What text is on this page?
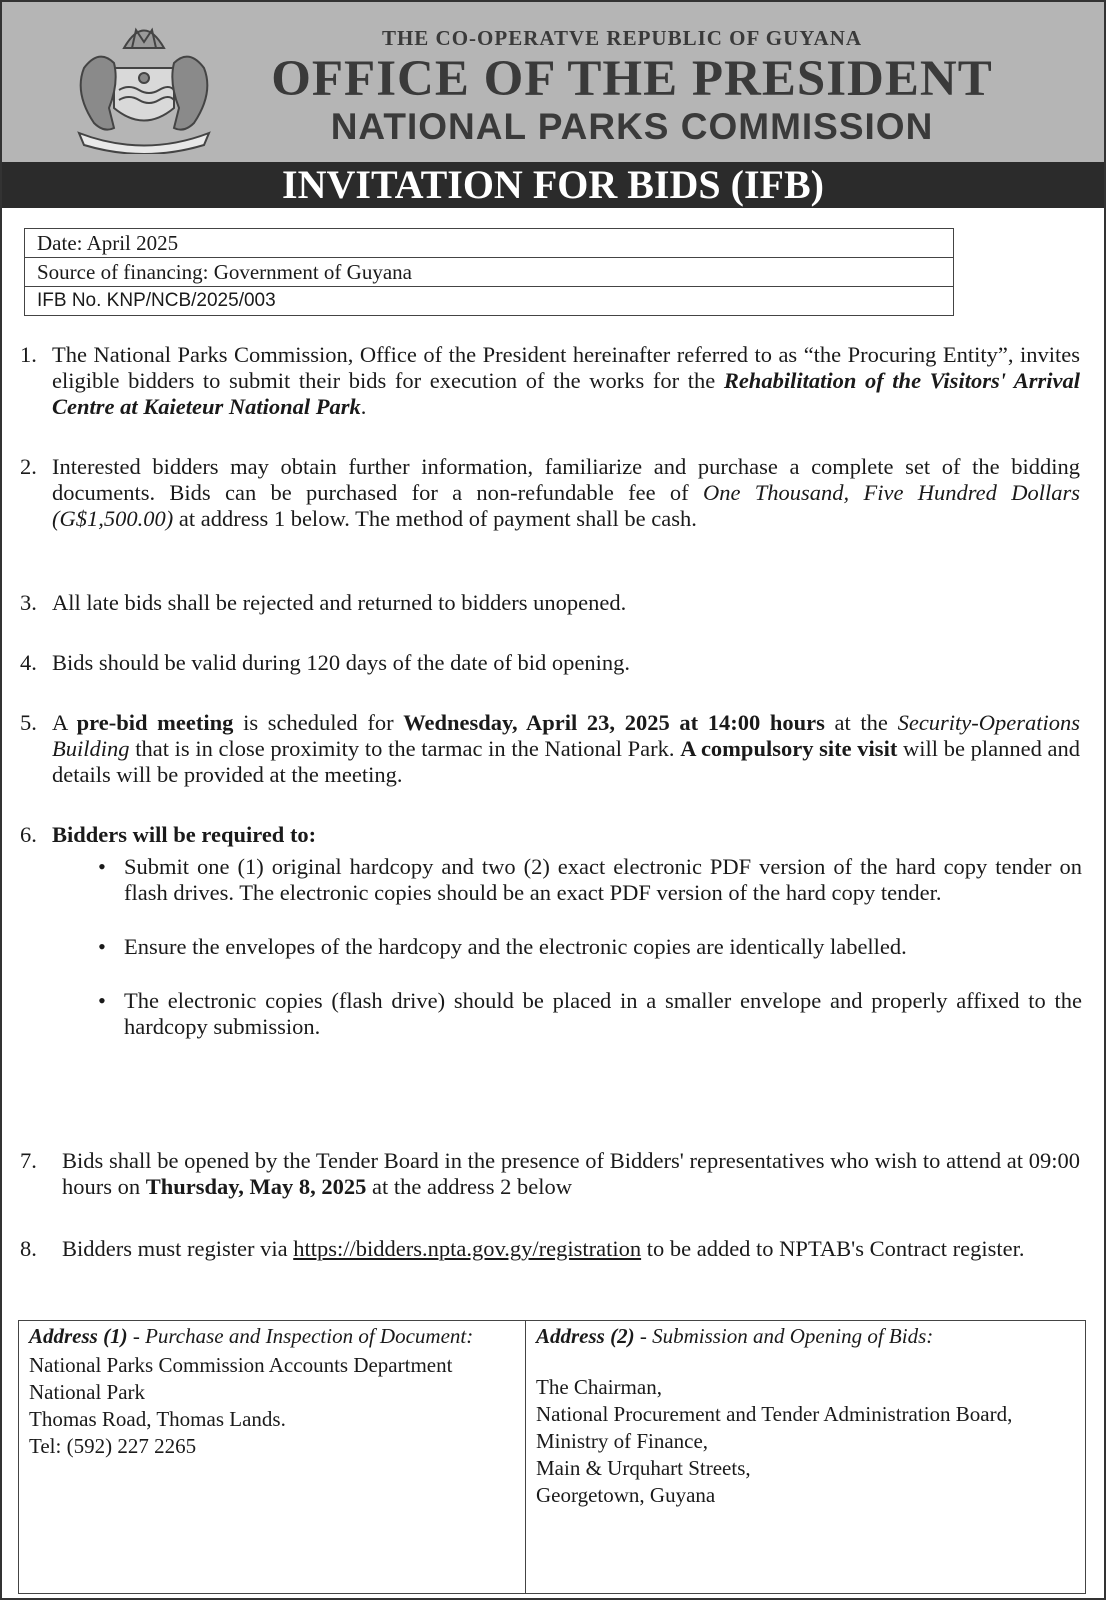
THE CO-OPERATVE REPUBLIC OF GUYANA
OFFICE OF THE PRESIDENT
NATIONAL PARKS COMMISSION
INVITATION FOR BIDS (IFB)
Date: April 2025
Source of financing: Government of Guyana
IFB No. KNP/NCB/2025/003
1. The National Parks Commission, Office of the President hereinafter referred to as “the Procuring Entity”, invites eligible bidders to submit their bids for execution of the works for the Rehabilitation of the Visitors' Arrival Centre at Kaieteur National Park.
2. Interested bidders may obtain further information, familiarize and purchase a complete set of the bidding documents. Bids can be purchased for a non-refundable fee of One Thousand, Five Hundred Dollars (G$1,500.00) at address 1 below. The method of payment shall be cash.
3. All late bids shall be rejected and returned to bidders unopened.
4. Bids should be valid during 120 days of the date of bid opening.
5. A pre-bid meeting is scheduled for Wednesday, April 23, 2025 at 14:00 hours at the Security-Operations Building that is in close proximity to the tarmac in the National Park. A compulsory site visit will be planned and details will be provided at the meeting.
6. Bidders will be required to:
• Submit one (1) original hardcopy and two (2) exact electronic PDF version of the hard copy tender on flash drives. The electronic copies should be an exact PDF version of the hard copy tender.
• Ensure the envelopes of the hardcopy and the electronic copies are identically labelled.
• The electronic copies (flash drive) should be placed in a smaller envelope and properly affixed to the hardcopy submission.
7. Bids shall be opened by the Tender Board in the presence of Bidders' representatives who wish to attend at 09:00 hours on Thursday, May 8, 2025 at the address 2 below
8. Bidders must register via https://bidders.npta.gov.gy/registration to be added to NPTAB's Contract register.
Address (1) - Purchase and Inspection of Document:
National Parks Commission Accounts Department
National Park
Thomas Road, Thomas Lands.
Tel: (592) 227 2265

Address (2) - Submission and Opening of Bids:
The Chairman,
National Procurement and Tender Administration Board,
Ministry of Finance,
Main & Urquhart Streets,
Georgetown, Guyana
